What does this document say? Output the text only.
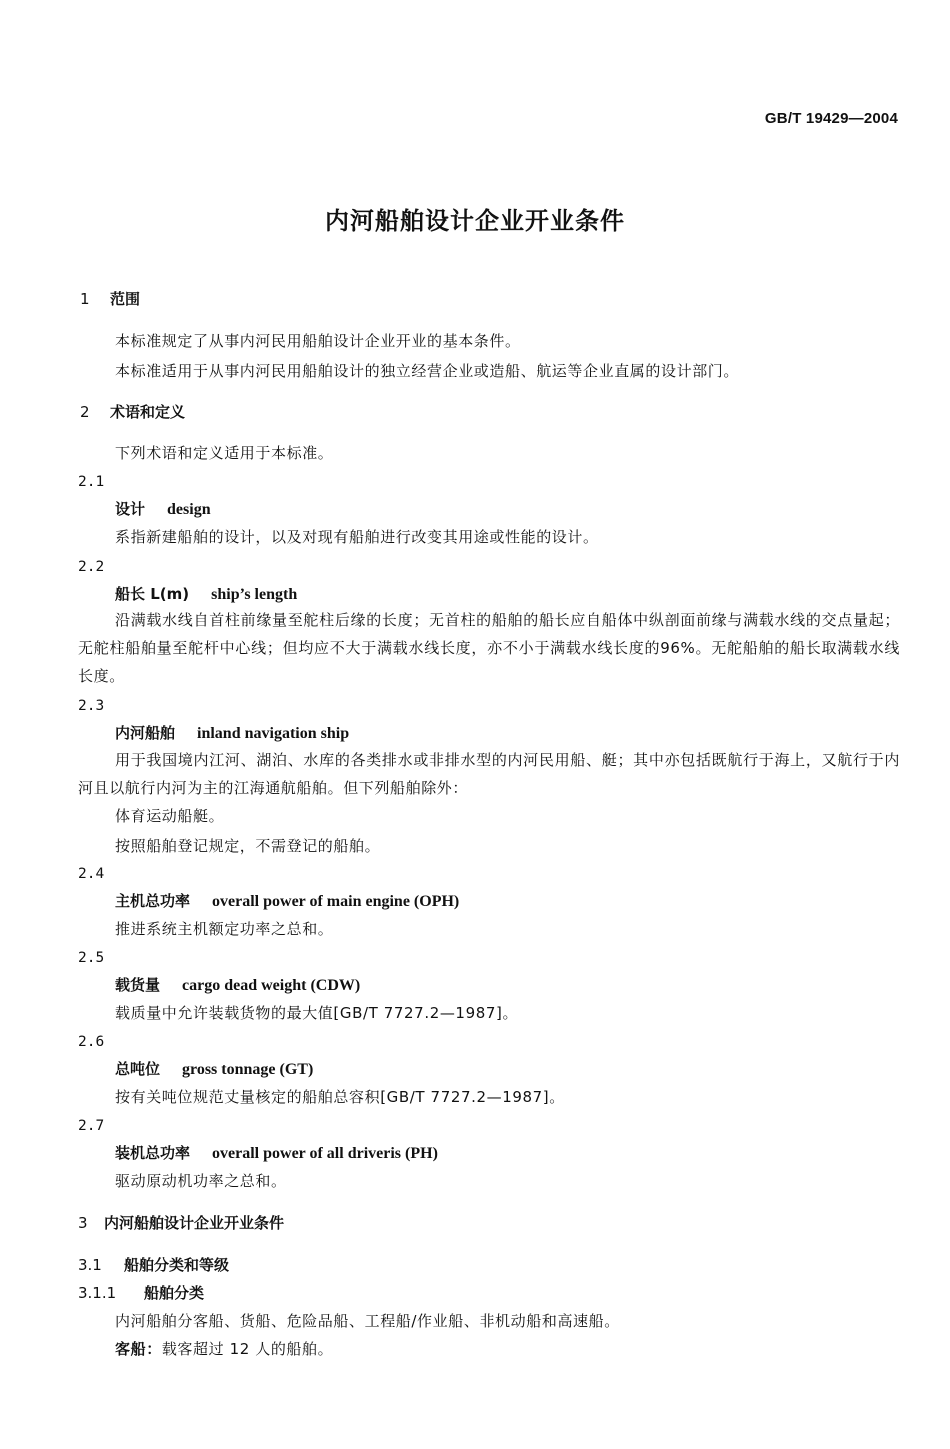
GB/T 19429—2004
内河船舶设计企业开业条件
1 范围
本标准规定了从事内河民用船舶设计企业开业的基本条件。
本标准适用于从事内河民用船舶设计的独立经营企业或造船、航运等企业直属的设计部门。
2 术语和定义
下列术语和定义适用于本标准。
2.1
设计 design
系指新建船舶的设计，以及对现有船舶进行改变其用途或性能的设计。
2.2
船长 L(m) ship’s length
沿满载水线自首柱前缘量至舵柱后缘的长度；无首柱的船舶的船长应自船体中纵剖面前缘与满载水线的交点量起；无舵柱船舶量至舵杆中心线；但均应不大于满载水线长度，亦不小于满载水线长度的96%。无舵船舶的船长取满载水线长度。
2.3
内河船舶 inland navigation ship
用于我国境内江河、湖泊、水库的各类排水或非排水型的内河民用船、艇；其中亦包括既航行于海上，又航行于内河且以航行内河为主的江海通航船舶。但下列船舶除外：
体育运动船艇。
按照船舶登记规定，不需登记的船舶。
2.4
主机总功率 overall power of main engine (OPH)
推进系统主机额定功率之总和。
2.5
载货量 cargo dead weight (CDW)
载质量中允许装载货物的最大值[GB/T 7727.2—1987]。
2.6
总吨位 gross tonnage (GT)
按有关吨位规范丈量核定的船舶总容积[GB/T 7727.2—1987]。
2.7
装机总功率 overall power of all driveris (PH)
驱动原动机功率之总和。
3 内河船舶设计企业开业条件
3.1 船舶分类和等级
3.1.1 船舶分类
内河船舶分客船、货船、危险品船、工程船/作业船、非机动船和高速船。
客船：载客超过 12 人的船舶。
